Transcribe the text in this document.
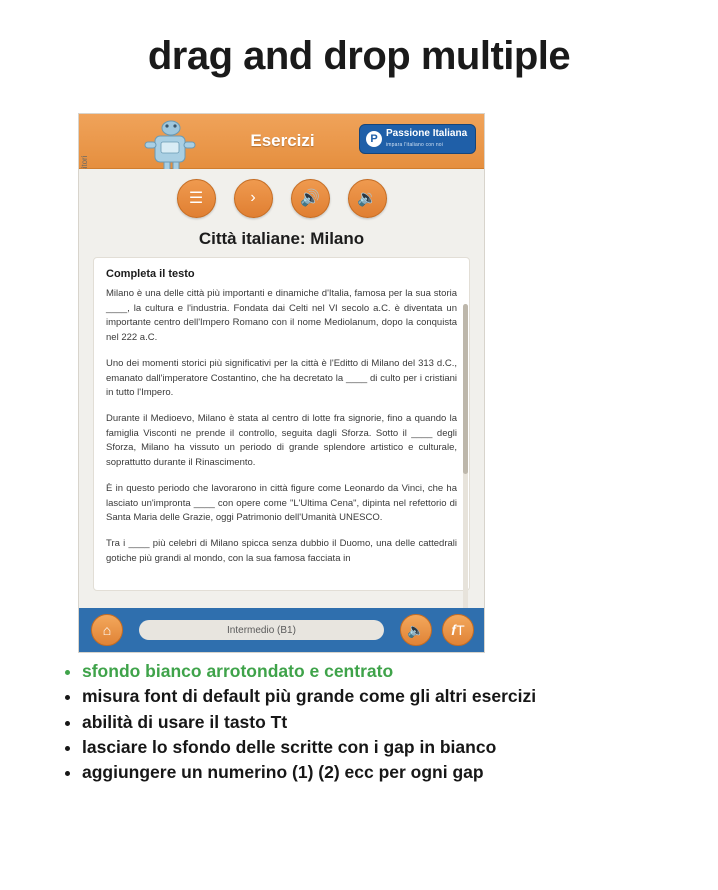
drag and drop multiple
Esercizi	P Passione Italiana
impara l'italiano con noi
☰	›	🔊	🔉
Città italiane: Milano
Completa il testo

Milano è una delle città più importanti e dinamiche d'Italia, famosa per la sua storia ____, la cultura e l'industria. Fondata dai Celti nel VI secolo a.C. è diventata un importante centro dell'Impero Romano con il nome Mediolanum, dopo la conquista nel 222 a.C.

Uno dei momenti storici più significativi per la città è l'Editto di Milano del 313 d.C., emanato dall'imperatore Costantino, che ha decretato la ____ di culto per i cristiani in tutto l'Impero.

Durante il Medioevo, Milano è stata al centro di lotte fra signorie, fino a quando la famiglia Visconti ne prende il controllo, seguita dagli Sforza. Sotto il ____ degli Sforza, Milano ha vissuto un periodo di grande splendore artistico e culturale, soprattutto durante il Rinascimento.

È in questo periodo che lavorarono in città figure come Leonardo da Vinci, che ha lasciato un'impronta ____ con opere come "L'Ultima Cena", dipinta nel refettorio di Santa Maria delle Grazie, oggi Patrimonio dell'Umanità UNESCO.

Tra i ____ più celebri di Milano spicca senza dubbio il Duomo, una delle cattedrali gotiche più grandi al mondo, con la sua famosa facciata in

⌂	Intermedio (B1)	🔈	𝒇T
• sfondo bianco arrotondato e centrato
• misura font di default più grande come gli altri esercizi
• abilità di usare il tasto Tt
• lasciare lo sfondo delle scritte con i gap in bianco
• aggiungere un numerino (1) (2) ecc per ogni gap
